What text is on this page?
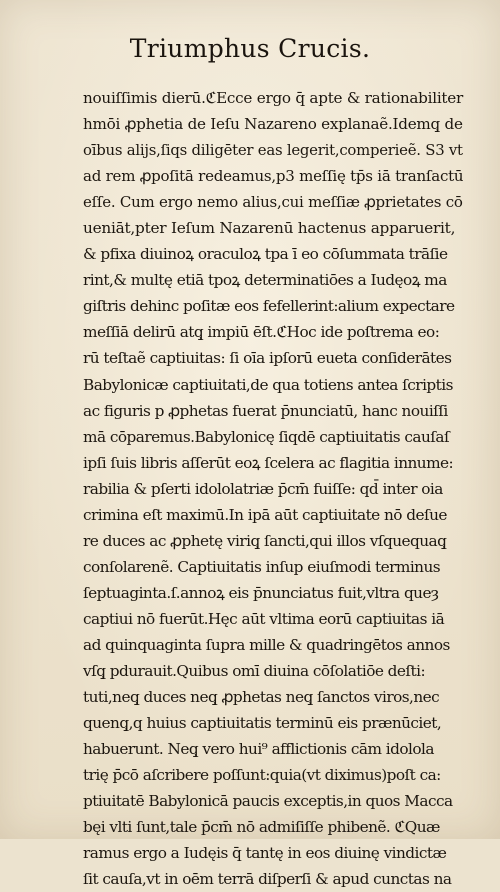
Triumphus Crucis.
nouiſſimis dierū.ℭEcce ergo q̄ apte & rationabiliter
hmōi ꝓphetia de Ieſu Nazareno explanaẽ.Idemq̧ de
oībus alijs,ſiqs diligēter eas legerit,comperieẽ. S3 vt
ad rem ꝓpoſitā redeamus,p3 meſſię tp̄s iā tranſactū
eſſe. Cum ergo nemo alius,cui meſſiæ ꝓprietates cō
ueniāt,pter Ieſum Nazarenū hactenus apparuerit,
& pfixa diuinoꝝ oraculoꝝ tpa ī eo cōſummata trāſie
rint,& multę etiā tpoꝝ determinatiōes a Iudęoꝝ ma
giſtris dehinc poſitæ eos fefellerint:alium expectare
meſſiā delirū atq̧ impiū ēſt.ℭHoc ide poſtrema eo:
rū teſtaẽ captiuitas: ſi oīa ipſorū eueta conſiderātes
Babylonicæ captiuitati,de qua totiens antea ſcriptis
ac figuris p ꝓphetas fuerat p̄nunciatū, hanc nouiſſi
mā cōparemus.Babylonicę ſiqdē captiuitatis cauſaſ
ipſi ſuis libris aſſerūt eoꝝ ſcelera ac flagitia innume:
rabilia & pſerti idololatriæ p̄cm̄ fuiſſe: qd̄ inter oia
crimina eſt maximū.In ipā aūt captiuitate nō deſue
re duces ac ꝓphetę viriq̧ ſancti,qui illos vſquequaq̧
conſolarenẽ. Captiuitatis inſup eiuſmodi terminus
ſeptuaginta.ſ.annoꝝ eis p̄nunciatus fuit,vltra queȝ
captiui nō fuerūt.Hęc aūt vltima eorū captiuitas iā
ad quinquaginta ſupra mille & quadringētos annos
vſq̧ pdurauit.Quibus omī diuina cōſolatiōe deſti:
tuti,neq̧ duces neq̧ ꝓphetas neq̧ ſanctos viros,nec
quenq̧,q huius captiuitatis terminū eis prænūciet,
habuerunt. Neq̧ vero hui⁹ afflictionis cām idolola
trię p̄cō aſcribere poſſunt:quia(vt diximus)poſt ca:
ptiuitatē Babylonicā paucis exceptis,in quos Macca
bęi vlti ſunt,tale p̄cm̄ nō admiſiſſe phibenẽ. ℭQuæ
ramus ergo a Iudęis q̄ tantę in eos diuinę vindictæ
ſit cauſa,vt in oēm terrā diſperſi & apud cunctas na
